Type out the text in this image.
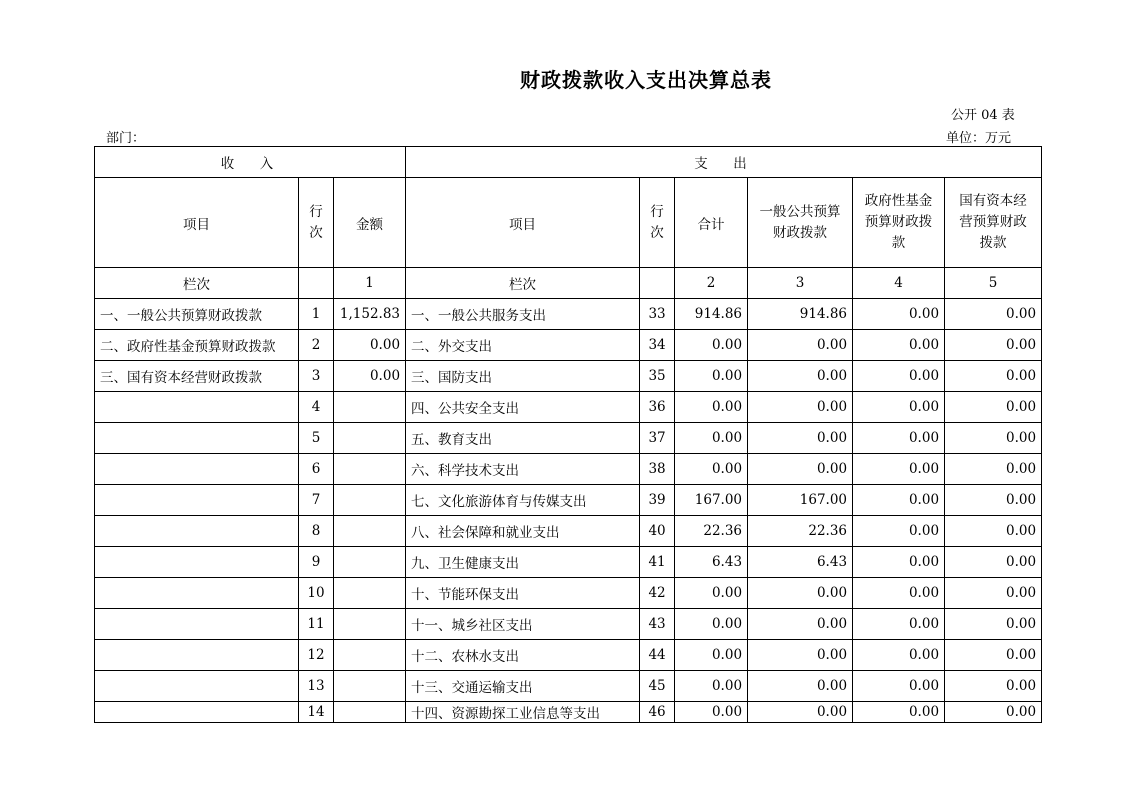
财政拨款收入支出决算总表
公开 04 表
部门：	单位：万元
收　入			支　出					
项目	行次	金额	项目	行次	合计	一般公共预算财政拨款	政府性基金预算财政拨款	国有资本经营预算财政拨款
栏次		1	栏次		2	3	4	5
一、一般公共预算财政拨款	1	1,152.83	一、一般公共服务支出	33	914.86	914.86	0.00	0.00
二、政府性基金预算财政拨款	2	0.00	二、外交支出	34	0.00	0.00	0.00	0.00
三、国有资本经营财政拨款	3	0.00	三、国防支出	35	0.00	0.00	0.00	0.00
	4		四、公共安全支出	36	0.00	0.00	0.00	0.00
	5		五、教育支出	37	0.00	0.00	0.00	0.00
	6		六、科学技术支出	38	0.00	0.00	0.00	0.00
	7		七、文化旅游体育与传媒支出	39	167.00	167.00	0.00	0.00
	8		八、社会保障和就业支出	40	22.36	22.36	0.00	0.00
	9		九、卫生健康支出	41	6.43	6.43	0.00	0.00
	10		十、节能环保支出	42	0.00	0.00	0.00	0.00
	11		十一、城乡社区支出	43	0.00	0.00	0.00	0.00
	12		十二、农林水支出	44	0.00	0.00	0.00	0.00
	13		十三、交通运输支出	45	0.00	0.00	0.00	0.00
	14		十四、资源勘探工业信息等支出	46	0.00	0.00	0.00	0.00
